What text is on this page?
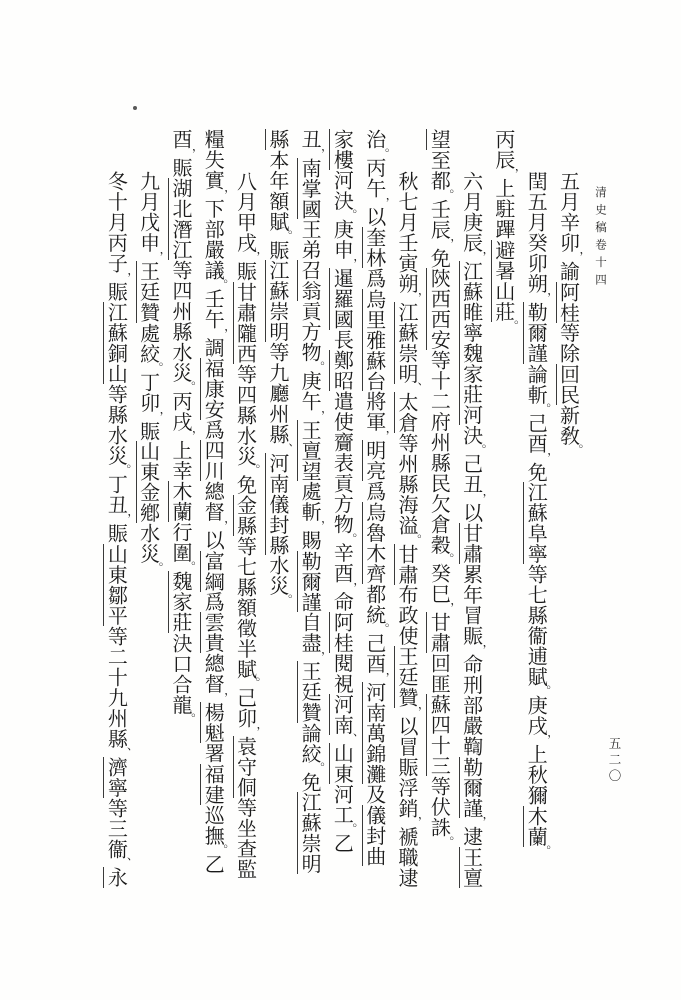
清史稿卷十四
五二〇
五月辛卯，諭阿桂等除回民新敎。
閏五月癸卯朔，勒爾謹論斬。己酉，免江蘇阜寧等七縣衞逋賦。庚戌，上秋獮木蘭。
丙辰，上駐蹕避暑山莊。
六月庚辰，江蘇睢寧魏家莊河決。己丑，以甘肅累年冒賑，命刑部嚴鞫勒爾謹，逮王亶
望至都。壬辰，免陝西西安等十二府州縣民欠倉穀。癸巳，甘肅回匪蘇四十三等伏誅。
秋七月壬寅朔，江蘇崇明、太倉等州縣海溢。甘肅布政使王廷贊，以冒賑浮銷，褫職逮
治。丙午，以奎林爲烏里雅蘇台將軍，明亮爲烏魯木齊都統。己酉，河南萬錦灘及儀封曲
家樓河決。庚申，暹羅國長鄭昭遣使齎表貢方物。辛酉，命阿桂閱視河南、山東河工。乙
丑，南掌國王弟召翁貢方物。庚午，王亶望處斬，賜勒爾謹自盡，王廷贊論絞。免江蘇崇明
縣本年額賦。賑江蘇崇明等九廳州縣、河南儀封縣水災。
八月甲戌，賑甘肅隴西等四縣水災。免金縣等七縣額徵半賦。己卯，袁守侗等坐查監
糧失實，下部嚴議。壬午，調福康安爲四川總督，以富綱爲雲貴總督，楊魁署福建巡撫。乙
酉，賑湖北潛江等四州縣水災。丙戌，上幸木蘭行圍。魏家莊決口合龍。
九月戊申，王廷贊處絞。丁卯，賑山東金鄕水災。
冬十月丙子，賑江蘇銅山等縣水災。丁丑，賑山東鄒平等二十九州縣、濟寧等三衞、永
